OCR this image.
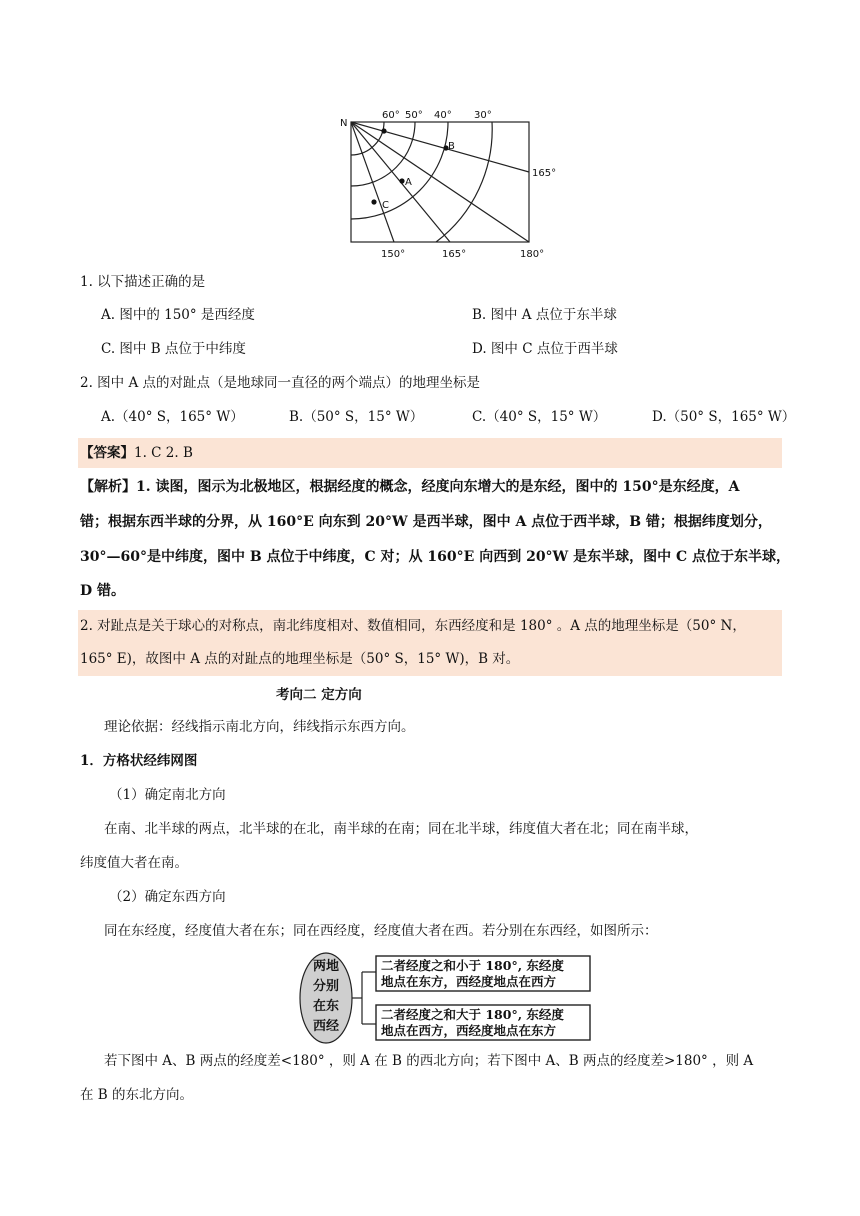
N
60° 50° 40° 30°
165°
150°	165°	180°
A
B
C
1. 以下描述正确的是
A. 图中的 150° 是西经度	B. 图中 A 点位于东半球
C. 图中 B 点位于中纬度	D. 图中 C 点位于西半球
2. 图中 A 点的对趾点（是地球同一直径的两个端点）的地理坐标是
A.（40° S，165° W）	B.（50° S，15° W）	C.（40° S，15° W）	D.（50° S，165° W）
【答案】1. C 2. B
【解析】1. 读图，图示为北极地区，根据经度的概念，经度向东增大的是东经，图中的 150°是东经度，A
错；根据东西半球的分界，从 160°E 向东到 20°W 是西半球，图中 A 点位于西半球，B 错；根据纬度划分，
30°—60°是中纬度，图中 B 点位于中纬度，C 对；从 160°E 向西到 20°W 是东半球，图中 C 点位于东半球，
D 错。
2. 对趾点是关于球心的对称点，南北纬度相对、数值相同，东西经度和是 180° 。A 点的地理坐标是（50° N，
165° E)，故图中 A 点的对趾点的地理坐标是（50° S，15° W)，B 对。
考向二 定方向
理论依据：经线指示南北方向，纬线指示东西方向。
1．方格状经纬网图
（1）确定南北方向
在南、北半球的两点，北半球的在北，南半球的在南；同在北半球，纬度值大者在北；同在南半球，
纬度值大者在南。
（2）确定东西方向
同在东经度，经度值大者在东；同在西经度，经度值大者在西。若分别在东西经，如图所示：
两地
分别
在东
西经
二者经度之和小于 180°, 东经度
地点在东方，西经度地点在西方
二者经度之和大于 180°, 东经度
地点在西方，西经度地点在东方
若下图中 A、B 两点的经度差<180° ，则 A 在 B 的西北方向；若下图中 A、B 两点的经度差>180° ，则 A
在 B 的东北方向。
